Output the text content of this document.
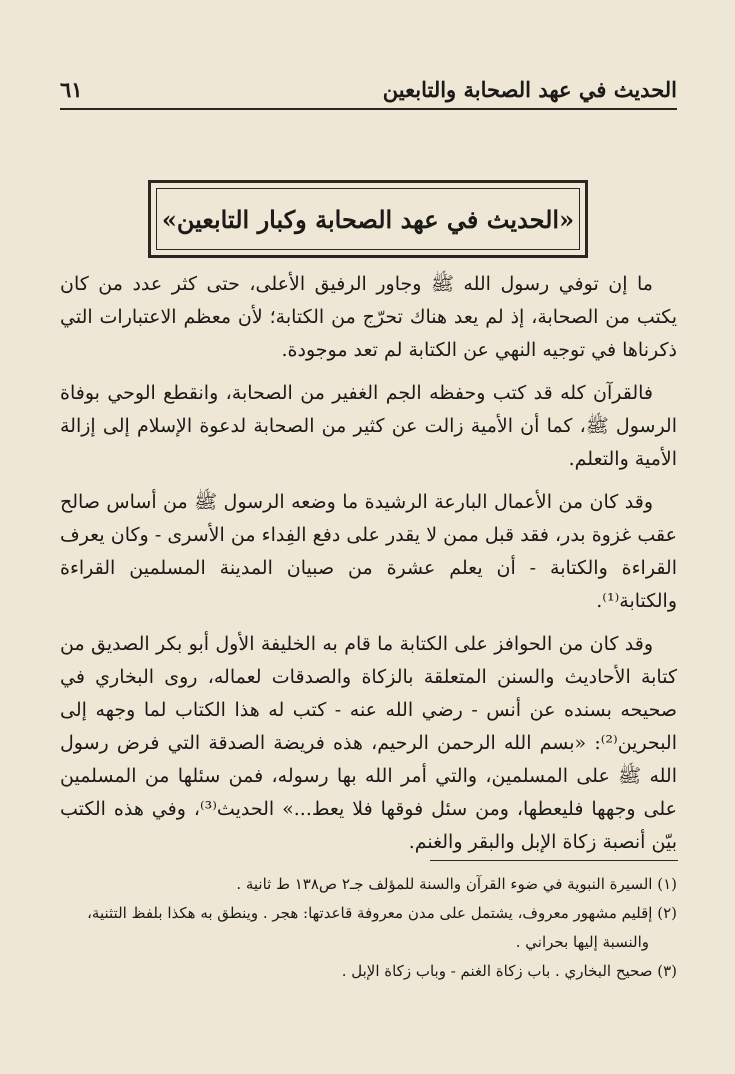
الحديث في عهد الصحابة والتابعين
٦١
«الحديث في عهد الصحابة وكبار التابعين»

ما إن توفي رسول الله ﷺ وجاور الرفيق الأعلى، حتى كثر عدد من كان يكتب من الصحابة، إذ لم يعد هناك تحرّج من الكتابة؛ لأن معظم الاعتبارات التي ذكرناها في توجيه النهي عن الكتابة لم تعد موجودة.

فالقرآن كله قد كتب وحفظه الجم الغفير من الصحابة، وانقطع الوحي بوفاة الرسول ﷺ، كما أن الأمية زالت عن كثير من الصحابة لدعوة الإسلام إلى إزالة الأمية والتعلم.

وقد كان من الأعمال البارعة الرشيدة ما وضعه الرسول ﷺ من أساس صالح عقب غزوة بدر، فقد قبل ممن لا يقدر على دفع الفِداء من الأسرى - وكان يعرف القراءة والكتابة - أن يعلم عشرة من صبيان المدينة المسلمين القراءة والكتابة⁽¹⁾.

وقد كان من الحوافز على الكتابة ما قام به الخليفة الأول أبو بكر الصديق من كتابة الأحاديث والسنن المتعلقة بالزكاة والصدقات لعماله، روى البخاري في صحيحه بسنده عن أنس - رضي الله عنه - كتب له هذا الكتاب لما وجهه إلى البحرين⁽²⁾: «بسم الله الرحمن الرحيم، هذه فريضة الصدقة التي فرض رسول الله ﷺ على المسلمين، والتي أمر الله بها رسوله، فمن سئلها من المسلمين على وجهها فليعطها، ومن سئل فوقها فلا يعط...» الحديث⁽³⁾، وفي هذه الكتب بيّن أنصبة زكاة الإبل والبقر والغنم.

(١) السيرة النبوية في ضوء القرآن والسنة للمؤلف جـ٢ ص١٣٨ ط ثانية .

(٢) إقليم مشهور معروف، يشتمل على مدن معروفة قاعدتها: هجر . وينطق به هكذا بلفظ التثنية، والنسبة إليها بحراني .

(٣) صحيح البخاري . باب زكاة الغنم - وباب زكاة الإبل .
